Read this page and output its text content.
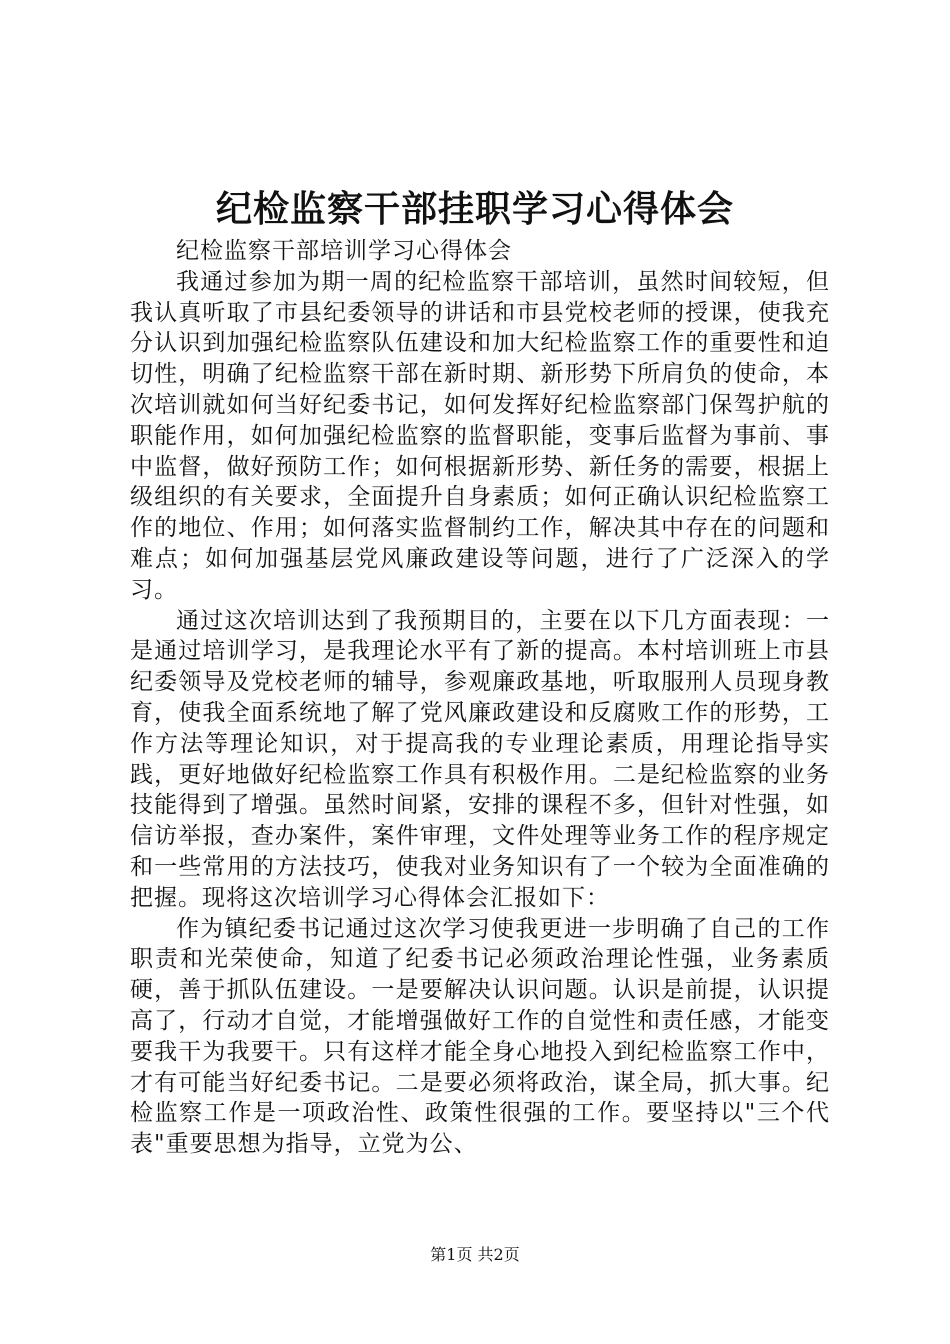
纪检监察干部挂职学习心得体会

纪检监察干部培训学习心得体会

我通过参加为期一周的纪检监察干部培训，虽然时间较短，但我认真听取了市县纪委领导的讲话和市县党校老师的授课，使我充分认识到加强纪检监察队伍建设和加大纪检监察工作的重要性和迫切性，明确了纪检监察干部在新时期、新形势下所肩负的使命，本次培训就如何当好纪委书记，如何发挥好纪检监察部门保驾护航的职能作用，如何加强纪检监察的监督职能，变事后监督为事前、事中监督，做好预防工作；如何根据新形势、新任务的需要，根据上级组织的有关要求，全面提升自身素质；如何正确认识纪检监察工作的地位、作用；如何落实监督制约工作，解决其中存在的问题和难点；如何加强基层党风廉政建设等问题，进行了广泛深入的学习。

通过这次培训达到了我预期目的，主要在以下几方面表现：一是通过培训学习，是我理论水平有了新的提高。本村培训班上市县纪委领导及党校老师的辅导，参观廉政基地，听取服刑人员现身教育，使我全面系统地了解了党风廉政建设和反腐败工作的形势，工作方法等理论知识，对于提高我的专业理论素质，用理论指导实践，更好地做好纪检监察工作具有积极作用。二是纪检监察的业务技能得到了增强。虽然时间紧，安排的课程不多，但针对性强，如信访举报，查办案件，案件审理，文件处理等业务工作的程序规定和一些常用的方法技巧，使我对业务知识有了一个较为全面准确的把握。现将这次培训学习心得体会汇报如下：

作为镇纪委书记通过这次学习使我更进一步明确了自己的工作职责和光荣使命，知道了纪委书记必须政治理论性强，业务素质硬，善于抓队伍建设。一是要解决认识问题。认识是前提，认识提高了，行动才自觉，才能增强做好工作的自觉性和责任感，才能变要我干为我要干。只有这样才能全身心地投入到纪检监察工作中，才有可能当好纪委书记。二是要必须将政治，谋全局，抓大事。纪检监察工作是一项政治性、政策性很强的工作。要坚持以"三个代表"重要思想为指导，立党为公、

第1页 共2页
